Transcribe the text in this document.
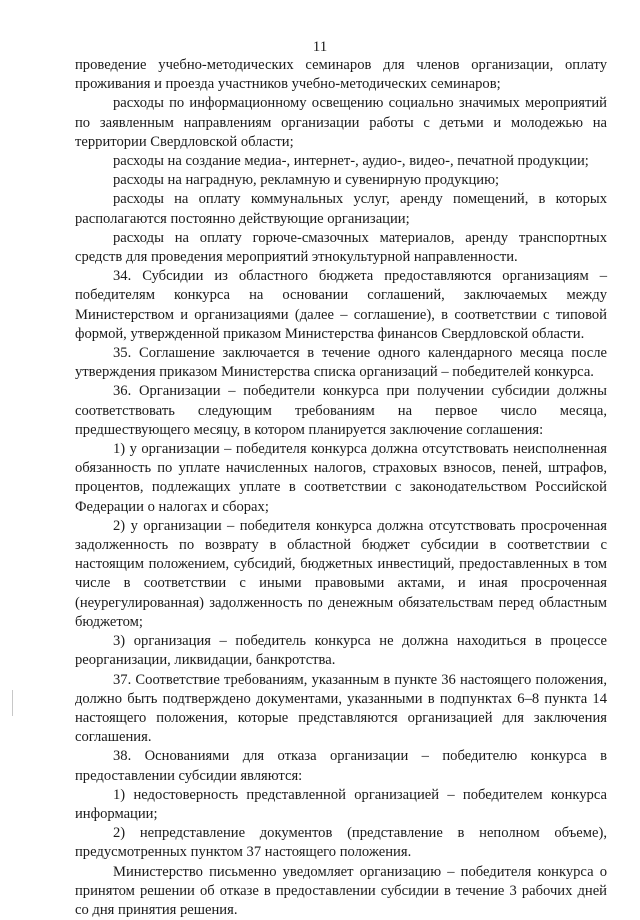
11

проведение учебно-методических семинаров для членов организации, оплату проживания и проезда участников учебно-методических семинаров;

расходы по информационному освещению социально значимых мероприятий по заявленным направлениям организации работы с детьми и молодежью на территории Свердловской области;

расходы на создание медиа-, интернет-, аудио-, видео-, печатной продукции;

расходы на наградную, рекламную и сувенирную продукцию;

расходы на оплату коммунальных услуг, аренду помещений, в которых располагаются постоянно действующие организации;

расходы на оплату горюче-смазочных материалов, аренду транспортных средств для проведения мероприятий этнокультурной направленности.

34. Субсидии из областного бюджета предоставляются организациям – победителям конкурса на основании соглашений, заключаемых между Министерством и организациями (далее – соглашение), в соответствии с типовой формой, утвержденной приказом Министерства финансов Свердловской области.

35. Соглашение заключается в течение одного календарного месяца после утверждения приказом Министерства списка организаций – победителей конкурса.

36. Организации – победители конкурса при получении субсидии должны соответствовать следующим требованиям на первое число месяца, предшествующего месяцу, в котором планируется заключение соглашения:

1) у организации – победителя конкурса должна отсутствовать неисполненная обязанность по уплате начисленных налогов, страховых взносов, пеней, штрафов, процентов, подлежащих уплате в соответствии с законодательством Российской Федерации о налогах и сборах;

2) у организации – победителя конкурса должна отсутствовать просроченная задолженность по возврату в областной бюджет субсидии в соответствии с настоящим положением, субсидий, бюджетных инвестиций, предоставленных в том числе в соответствии с иными правовыми актами, и иная просроченная (неурегулированная) задолженность по денежным обязательствам перед областным бюджетом;

3) организация – победитель конкурса не должна находиться в процессе реорганизации, ликвидации, банкротства.

37. Соответствие требованиям, указанным в пункте 36 настоящего положения, должно быть подтверждено документами, указанными в подпунктах 6–8 пункта 14 настоящего положения, которые представляются организацией для заключения соглашения.

38. Основаниями для отказа организации – победителю конкурса в предоставлении субсидии являются:

1) недостоверность представленной организацией – победителем конкурса информации;

2) непредставление документов (представление в неполном объеме), предусмотренных пунктом 37 настоящего положения.

Министерство письменно уведомляет организацию – победителя конкурса о принятом решении об отказе в предоставлении субсидии в течение 3 рабочих дней со дня принятия решения.
